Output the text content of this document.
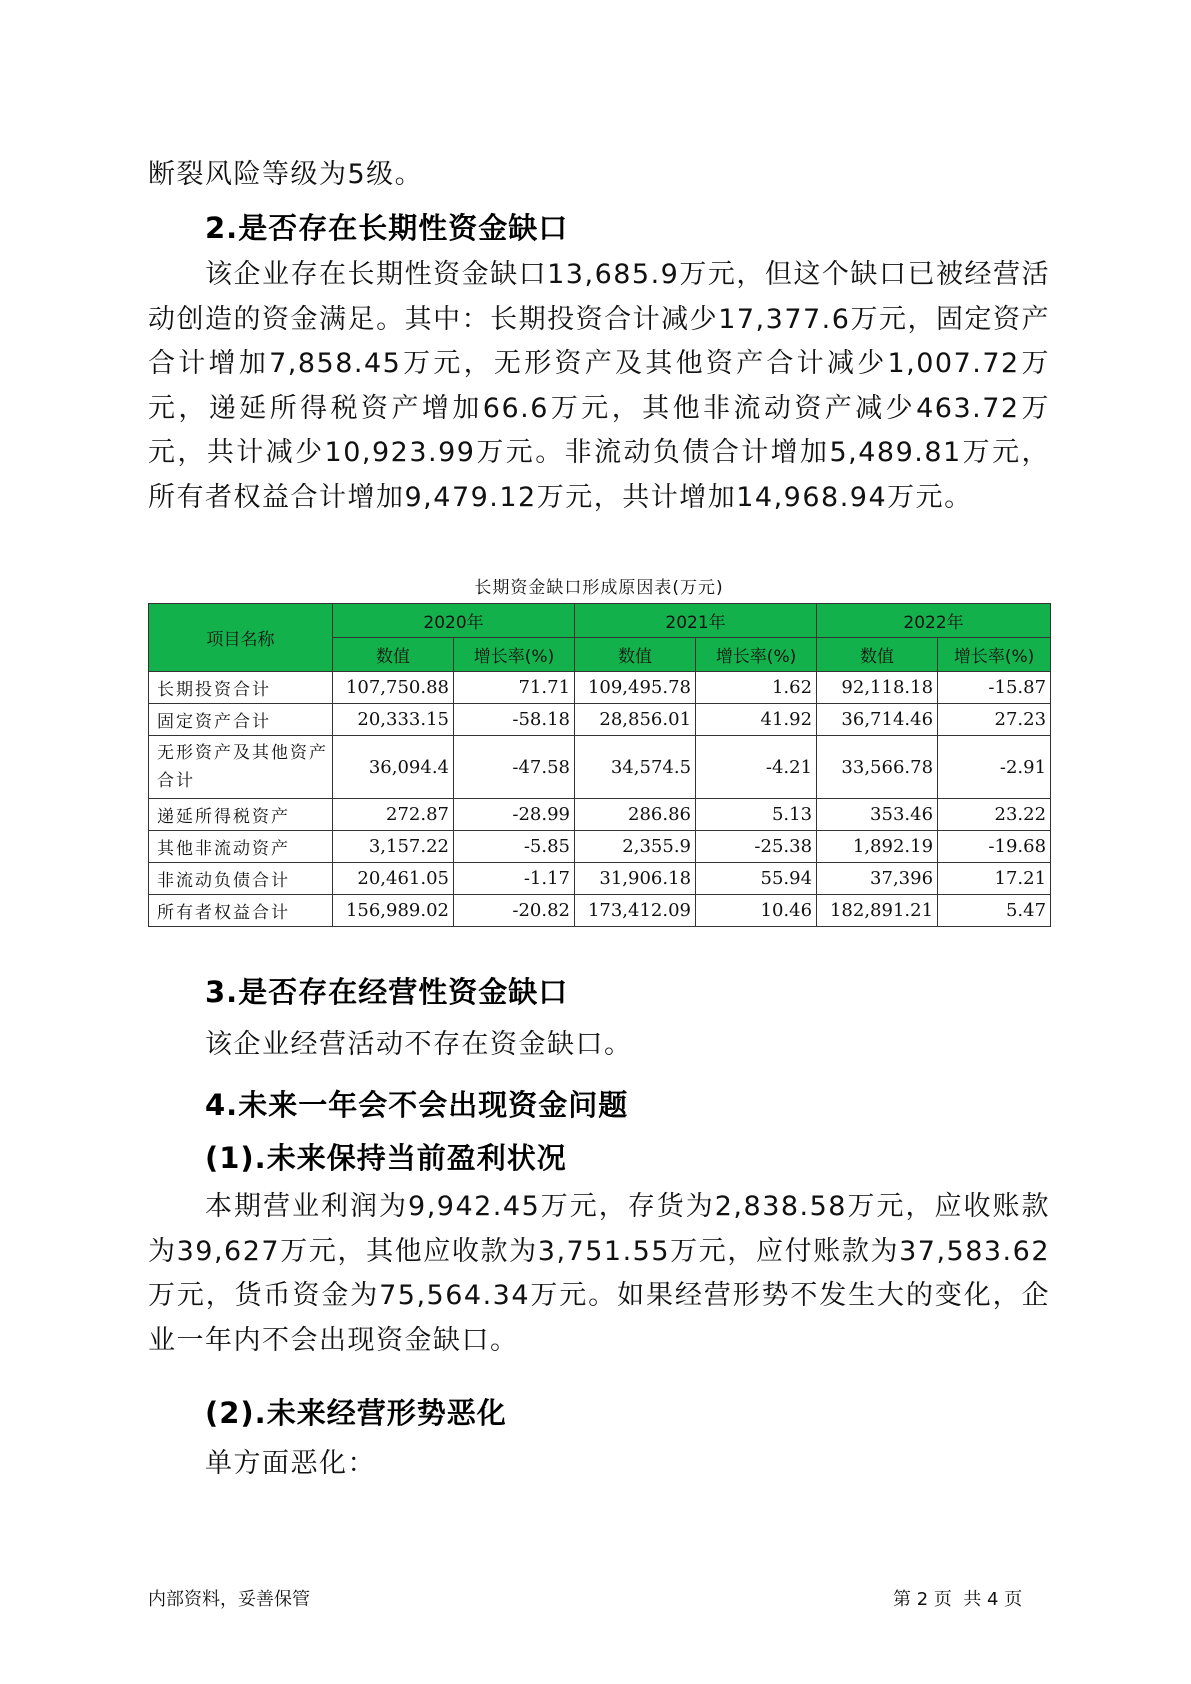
断裂风险等级为5级。
2.是否存在长期性资金缺口
该企业存在长期性资金缺口13,685.9万元，但这个缺口已被经营活动创造的资金满足。其中：长期投资合计减少17,377.6万元，固定资产合计增加7,858.45万元，无形资产及其他资产合计减少1,007.72万元，递延所得税资产增加66.6万元，其他非流动资产减少463.72万元，共计减少10,923.99万元。非流动负债合计增加5,489.81万元，所有者权益合计增加9,479.12万元，共计增加14,968.94万元。
长期资金缺口形成原因表(万元)
项目名称	2020年		2021年		2022年	
	数值	增长率(%)	数值	增长率(%)	数值	增长率(%)
长期投资合计	107,750.88	71.71	109,495.78	1.62	92,118.18	-15.87
固定资产合计	20,333.15	-58.18	28,856.01	41.92	36,714.46	27.23
无形资产及其他资产合计	36,094.4	-47.58	34,574.5	-4.21	33,566.78	-2.91
递延所得税资产	272.87	-28.99	286.86	5.13	353.46	23.22
其他非流动资产	3,157.22	-5.85	2,355.9	-25.38	1,892.19	-19.68
非流动负债合计	20,461.05	-1.17	31,906.18	55.94	37,396	17.21
所有者权益合计	156,989.02	-20.82	173,412.09	10.46	182,891.21	5.47
3.是否存在经营性资金缺口
该企业经营活动不存在资金缺口。
4.未来一年会不会出现资金问题
(1).未来保持当前盈利状况
本期营业利润为9,942.45万元，存货为2,838.58万元，应收账款为39,627万元，其他应收款为3,751.55万元，应付账款为37,583.62万元，货币资金为75,564.34万元。如果经营形势不发生大的变化，企业一年内不会出现资金缺口。
(2).未来经营形势恶化
单方面恶化：
内部资料，妥善保管	第 2 页  共 4 页
